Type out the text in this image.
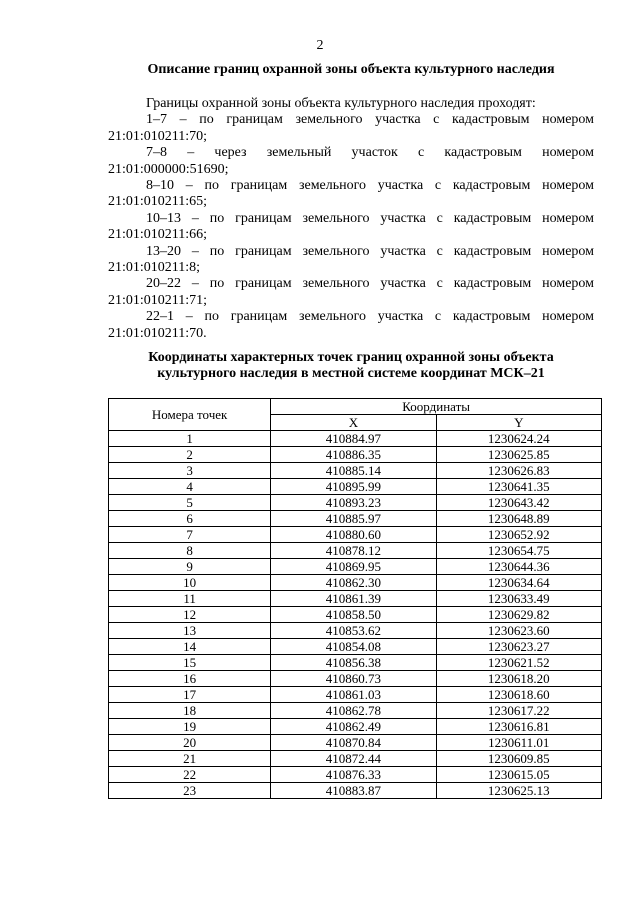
2
Описание границ охранной зоны объекта культурного наследия
Границы охранной зоны объекта культурного наследия проходят:
1–7 – по границам земельного участка с кадастровым номером
21:01:010211:70;
7–8 – через земельный участок с кадастровым номером
21:01:000000:51690;
8–10 – по границам земельного участка с кадастровым номером
21:01:010211:65;
10–13 – по границам земельного участка с кадастровым номером
21:01:010211:66;
13–20 – по границам земельного участка с кадастровым номером
21:01:010211:8;
20–22 – по границам земельного участка с кадастровым номером
21:01:010211:71;
22–1 – по границам земельного участка с кадастровым номером
21:01:010211:70.
Координаты характерных точек границ охранной зоны объекта
культурного наследия в местной системе координат МСК–21
Номера точек	Координаты	
	X	Y
1	410884.97	1230624.24
2	410886.35	1230625.85
3	410885.14	1230626.83
4	410895.99	1230641.35
5	410893.23	1230643.42
6	410885.97	1230648.89
7	410880.60	1230652.92
8	410878.12	1230654.75
9	410869.95	1230644.36
10	410862.30	1230634.64
11	410861.39	1230633.49
12	410858.50	1230629.82
13	410853.62	1230623.60
14	410854.08	1230623.27
15	410856.38	1230621.52
16	410860.73	1230618.20
17	410861.03	1230618.60
18	410862.78	1230617.22
19	410862.49	1230616.81
20	410870.84	1230611.01
21	410872.44	1230609.85
22	410876.33	1230615.05
23	410883.87	1230625.13
